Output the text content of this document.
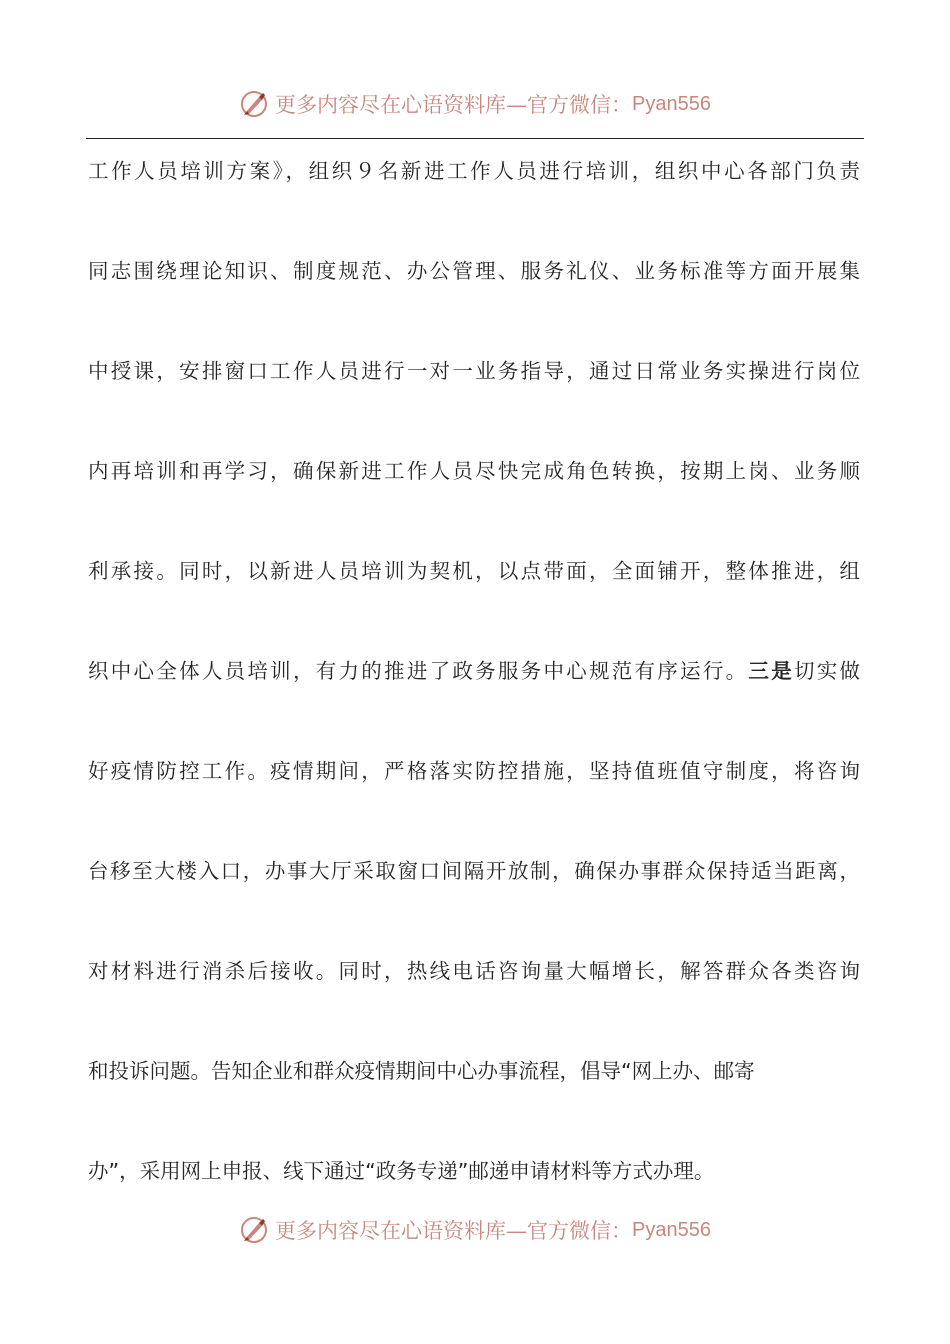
更多内容尽在心语资料库—官方微信： Pyan556
工作人员培训方案》，组织９名新进工作人员进行培训，组织中心各部门负责
同志围绕理论知识、制度规范、办公管理、服务礼仪、业务标准等方面开展集
中授课，安排窗口工作人员进行一对一业务指导，通过日常业务实操进行岗位
内再培训和再学习，确保新进工作人员尽快完成角色转换，按期上岗、业务顺
利承接。同时，以新进人员培训为契机，以点带面，全面铺开，整体推进，组
织中心全体人员培训，有力的推进了政务服务中心规范有序运行。三是切实做
好疫情防控工作。疫情期间，严格落实防控措施，坚持值班值守制度，将咨询
台移至大楼入口，办事大厅采取窗口间隔开放制，确保办事群众保持适当距离，
对材料进行消杀后接收。同时，热线电话咨询量大幅增长，解答群众各类咨询
和投诉问题。告知企业和群众疫情期间中心办事流程，倡导“网上办、邮寄
办”，采用网上申报、线下通过“政务专递”邮递申请材料等方式办理。
更多内容尽在心语资料库—官方微信： Pyan556
